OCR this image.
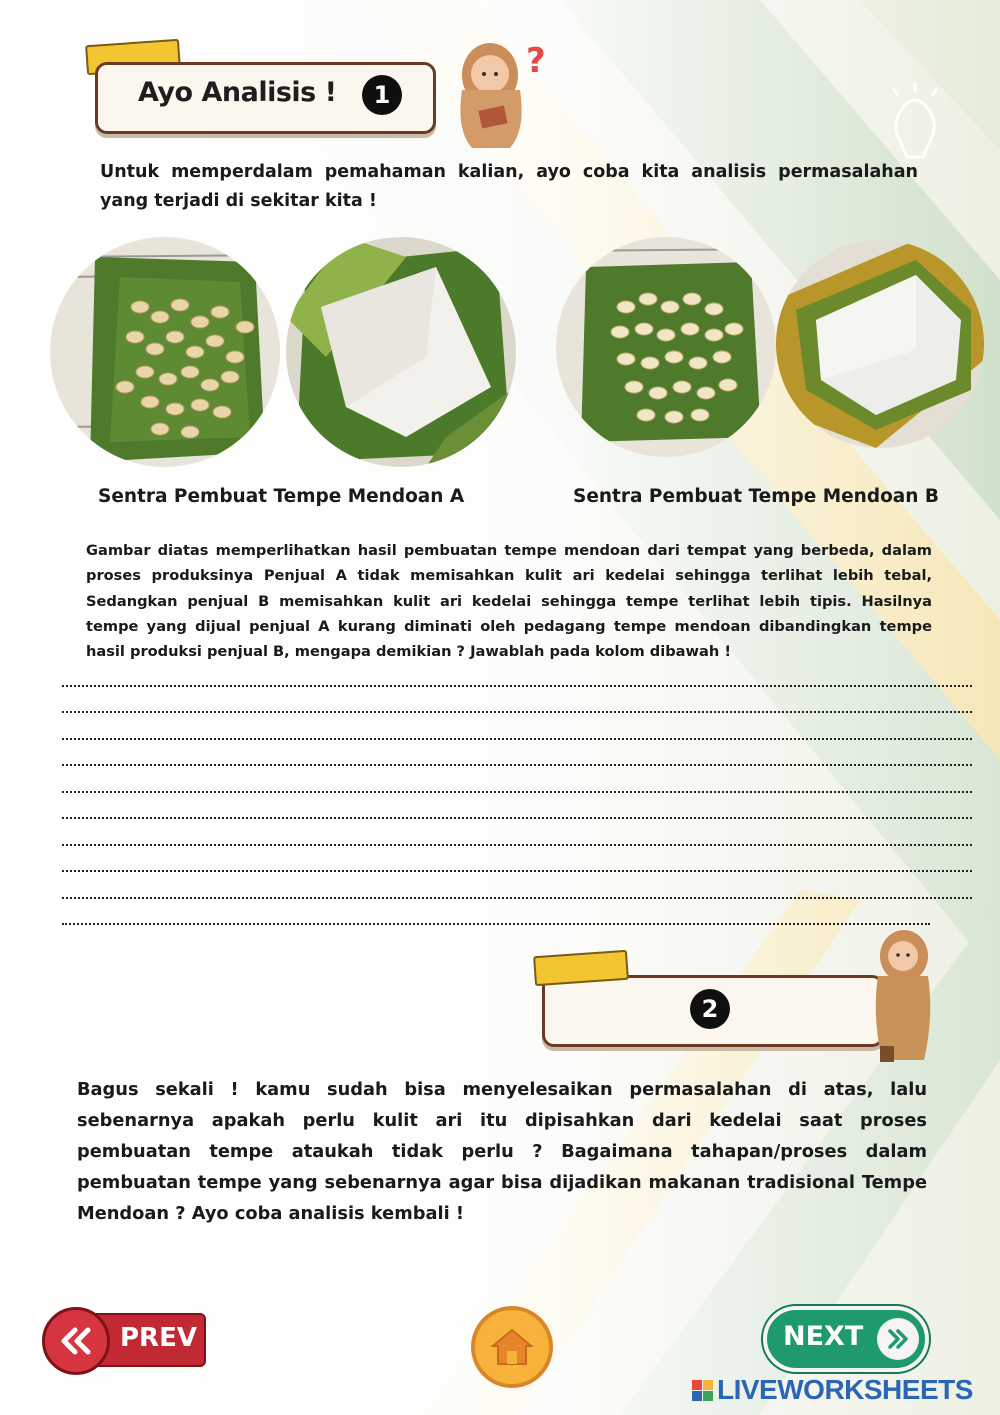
Ayo Analisis !	1
?
Untuk memperdalam pemahaman kalian, ayo coba kita analisis permasalahan yang terjadi di sekitar kita !
Sentra Pembuat Tempe Mendoan A	Sentra Pembuat Tempe Mendoan B
Gambar diatas memperlihatkan hasil pembuatan tempe mendoan dari tempat yang berbeda, dalam proses produksinya Penjual A tidak memisahkan kulit ari kedelai sehingga terlihat lebih tebal, Sedangkan penjual B memisahkan kulit ari kedelai sehingga tempe terlihat lebih tipis. Hasilnya tempe yang dijual penjual A kurang diminati oleh pedagang tempe mendoan dibandingkan tempe hasil produksi penjual B, mengapa demikian ? Jawablah pada kolom dibawah !
2
Bagus sekali ! kamu sudah bisa menyelesaikan permasalahan di atas, lalu sebenarnya apakah perlu kulit ari itu dipisahkan dari kedelai saat proses pembuatan tempe ataukah tidak perlu ? Bagaimana tahapan/proses dalam pembuatan tempe yang sebenarnya agar bisa dijadikan makanan tradisional Tempe Mendoan ? Ayo coba analisis kembali !
PREV	NEXT
LIVEWORKSHEETS
